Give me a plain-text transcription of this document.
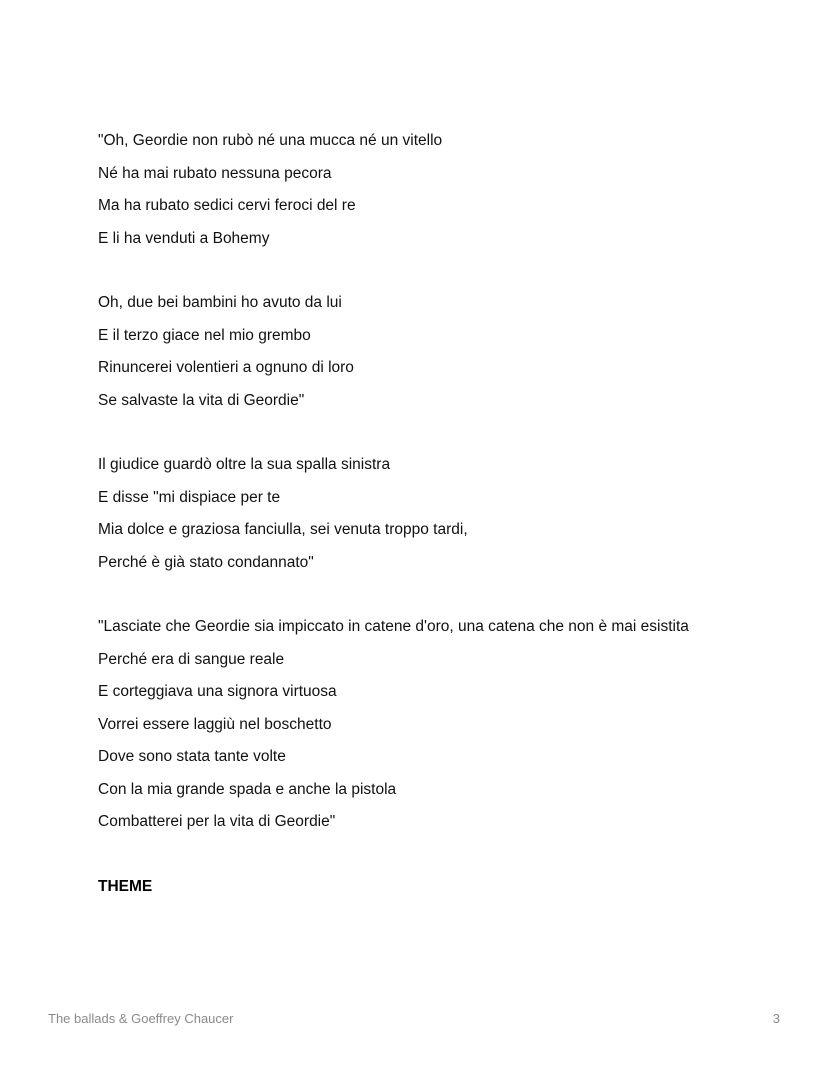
"Oh, Geordie non rubò né una mucca né un vitello
Né ha mai rubato nessuna pecora
Ma ha rubato sedici cervi feroci del re
E li ha venduti a Bohemy
Oh, due bei bambini ho avuto da lui
E il terzo giace nel mio grembo
Rinuncerei volentieri a ognuno di loro
Se salvaste la vita di Geordie"
Il giudice guardò oltre la sua spalla sinistra
E disse "mi dispiace per te
Mia dolce e graziosa fanciulla, sei venuta troppo tardi,
Perché è già stato condannato"
"Lasciate che Geordie sia impiccato in catene d'oro, una catena che non è mai esistita
Perché era di sangue reale
E corteggiava una signora virtuosa
Vorrei essere laggiù nel boschetto
Dove sono stata tante volte
Con la mia grande spada e anche la pistola
Combatterei per la vita di Geordie"
THEME
The ballads & Goeffrey Chaucer	3
